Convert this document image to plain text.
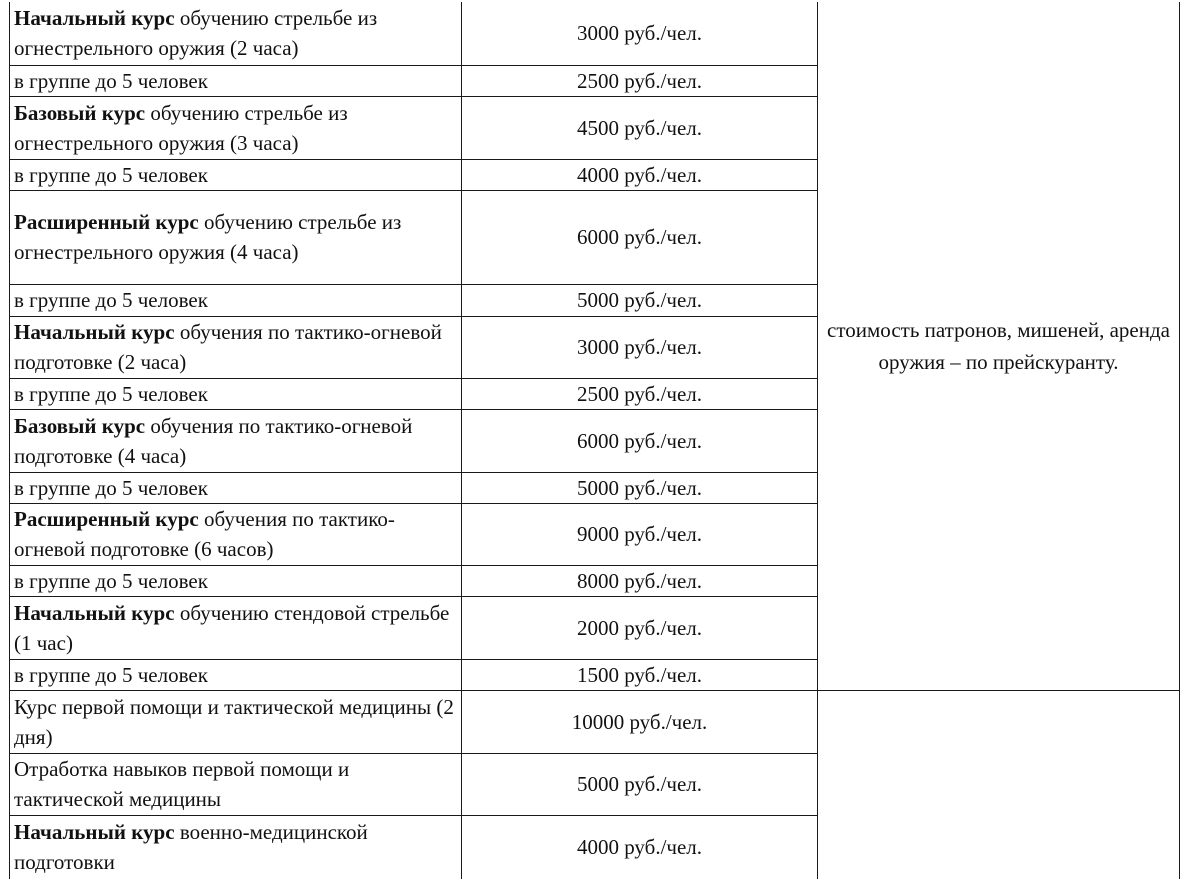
Начальный курс обучению стрельбе из огнестрельного оружия (2 часа)	3000 руб./чел.	стоимость патронов, мишеней, аренда оружия – по прейскуранту.
в группе до 5 человек	2500 руб./чел.	
Базовый курс обучению стрельбе из огнестрельного оружия (3 часа)	4500 руб./чел.	
в группе до 5 человек	4000 руб./чел.	
Расширенный курс обучению стрельбе из огнестрельного оружия (4 часа)	6000 руб./чел.	
в группе до 5 человек	5000 руб./чел.	
Начальный курс обучения по тактико-огневой подготовке (2 часа)	3000 руб./чел.	
в группе до 5 человек	2500 руб./чел.	
Базовый курс обучения по тактико-огневой подготовке (4 часа)	6000 руб./чел.	
в группе до 5 человек	5000 руб./чел.	
Расширенный курс обучения по тактико-огневой подготовке (6 часов)	9000 руб./чел.	
в группе до 5 человек	8000 руб./чел.	
Начальный курс обучению стендовой стрельбе (1 час)	2000 руб./чел.	
в группе до 5 человек	1500 руб./чел.	
Курс первой помощи и тактической медицины (2 дня)	10000 руб./чел.	
Отработка навыков первой помощи и тактической медицины	5000 руб./чел.	
Начальный курс военно-медицинской подготовки	4000 руб./чел.	
